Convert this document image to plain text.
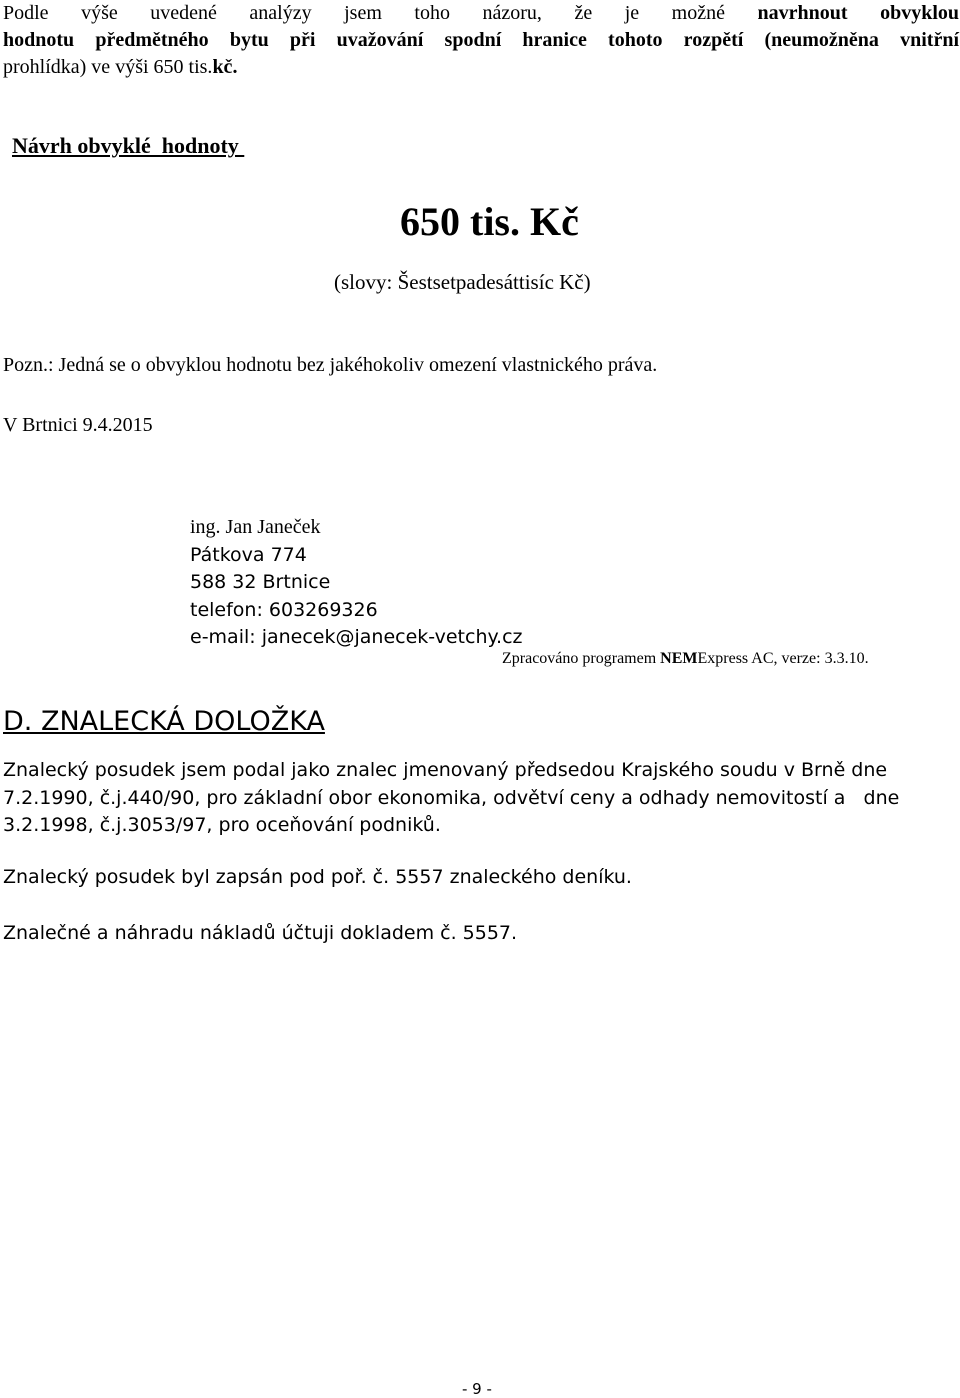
Podle výše uvedené analýzy jsem toho názoru, že je možné navrhnout obvyklou
hodnotu předmětného bytu při uvažování spodní hranice tohoto rozpětí (neumožněna vnitřní
prohlídka) ve výši 650 tis.kč.
Návrh obvyklé  hodnoty
650 tis. Kč
(slovy: Šestsetpadesáttisíc Kč)
Pozn.: Jedná se o obvyklou hodnotu bez jakéhokoliv omezení vlastnického práva.
V Brtnici 9.4.2015
ing. Jan Janeček
Pátkova 774
588 32 Brtnice
telefon: 603269326
e-mail: janecek@janecek-vetchy.cz
Zpracováno programem NEMExpress AC, verze: 3.3.10.
D. ZNALECKÁ DOLOŽKA

Znalecký posudek jsem podal jako znalec jmenovaný předsedou Krajského soudu v Brně dne

7.2.1990, č.j.440/90, pro základní obor ekonomika, odvětví ceny a odhady nemovitostí a   dne

3.2.1998, č.j.3053/97, pro oceňování podniků.

Znalecký posudek byl zapsán pod poř. č. 5557 znaleckého deníku.
Znalečné a náhradu nákladů účtuji dokladem č. 5557.
- 9 -
